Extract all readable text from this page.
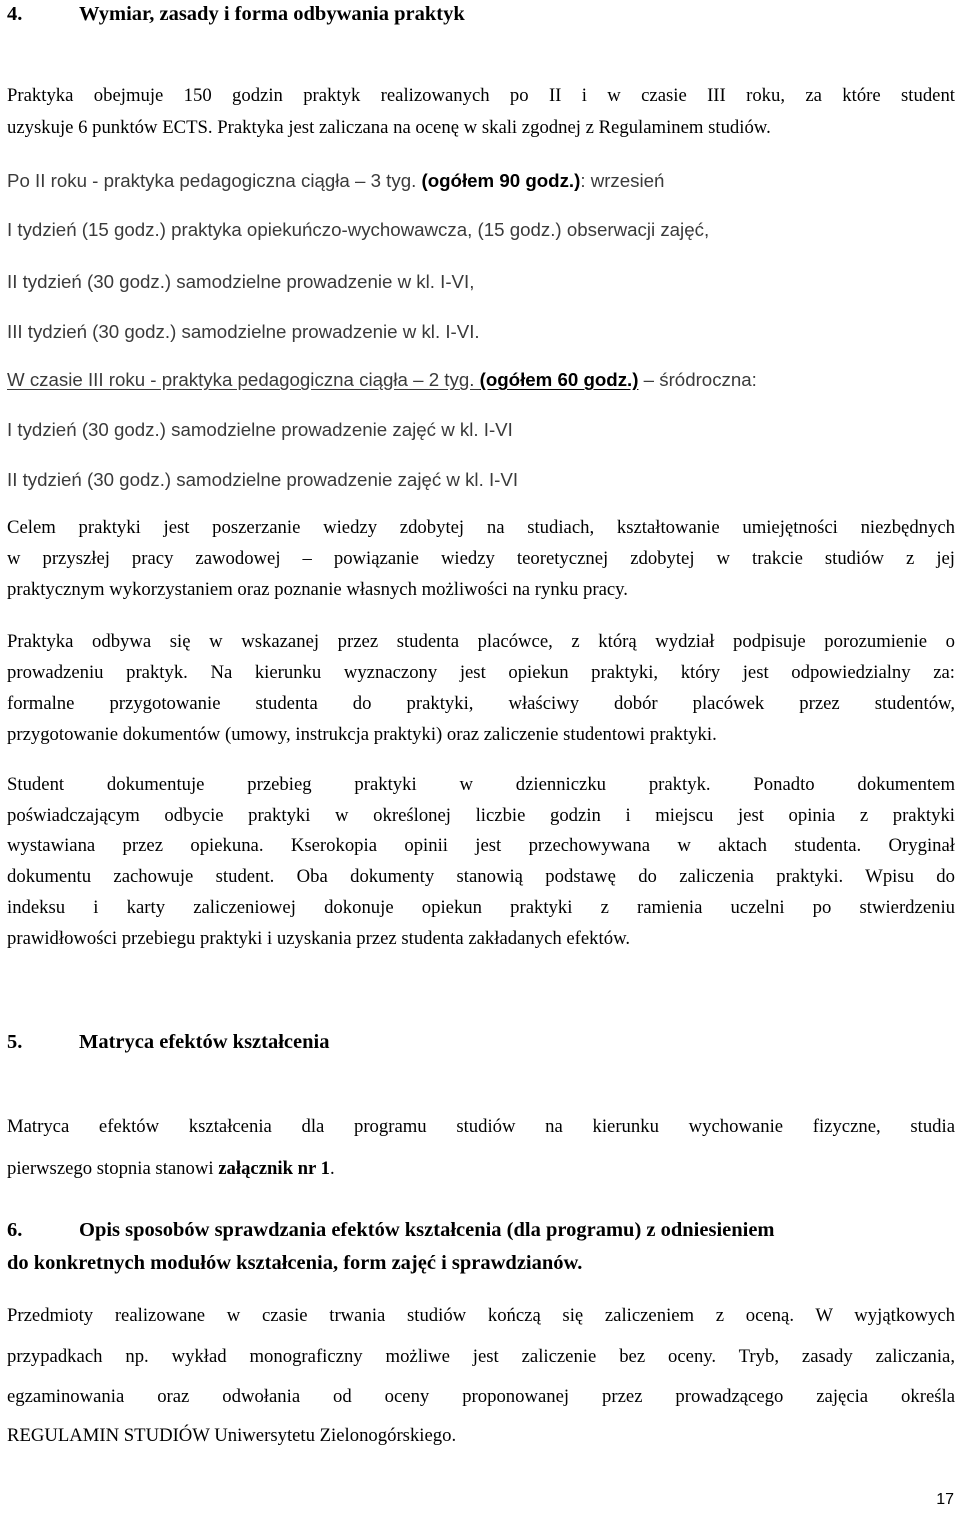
4.	Wymiar, zasady i forma odbywania praktyk
Praktyka obejmuje 150 godzin praktyk realizowanych po II i w czasie III roku, za które student
uzyskuje 6 punktów ECTS. Praktyka jest zaliczana na ocenę w skali zgodnej z Regulaminem studiów.
Po II roku - praktyka pedagogiczna ciągła – 3 tyg. (ogółem 90 godz.): wrzesień
I tydzień (15 godz.) praktyka opiekuńczo-wychowawcza, (15 godz.) obserwacji zajęć,
II tydzień (30 godz.) samodzielne prowadzenie w kl. I-VI,
III tydzień (30 godz.) samodzielne prowadzenie w kl. I-VI.
W czasie III roku - praktyka pedagogiczna ciągła – 2 tyg. (ogółem 60 godz.) – śródroczna:
I tydzień (30 godz.) samodzielne prowadzenie zajęć w kl. I-VI
II tydzień (30 godz.) samodzielne prowadzenie zajęć w kl. I-VI
Celem praktyki jest poszerzanie wiedzy zdobytej na studiach, kształtowanie umiejętności niezbędnych
w przyszłej pracy zawodowej – powiązanie wiedzy teoretycznej zdobytej w trakcie studiów z jej
praktycznym wykorzystaniem oraz poznanie własnych możliwości na rynku pracy.
Praktyka odbywa się w wskazanej przez studenta placówce, z którą wydział podpisuje porozumienie o
prowadzeniu praktyk. Na kierunku wyznaczony jest opiekun praktyki, który jest odpowiedzialny za:
formalne przygotowanie studenta do praktyki, właściwy dobór placówek przez studentów,
przygotowanie dokumentów (umowy, instrukcja praktyki) oraz zaliczenie studentowi praktyki.
Student dokumentuje przebieg praktyki w dzienniczku praktyk. Ponadto dokumentem
poświadczającym odbycie praktyki w określonej liczbie godzin i miejscu jest opinia z praktyki
wystawiana przez opiekuna. Kserokopia opinii jest przechowywana w aktach studenta. Oryginał
dokumentu zachowuje student. Oba dokumenty stanowią podstawę do zaliczenia praktyki. Wpisu do
indeksu i karty zaliczeniowej dokonuje opiekun praktyki z ramienia uczelni po stwierdzeniu
prawidłowości przebiegu praktyki i uzyskania przez studenta zakładanych efektów.
5.	Matryca efektów kształcenia
Matryca efektów kształcenia dla programu studiów na kierunku wychowanie fizyczne, studia
pierwszego stopnia stanowi załącznik nr 1.
6.	Opis sposobów sprawdzania efektów kształcenia (dla programu) z odniesieniem
do konkretnych modułów kształcenia, form zajęć i sprawdzianów.
Przedmioty realizowane w czasie trwania studiów kończą się zaliczeniem z oceną. W wyjątkowych
przypadkach np. wykład monograficzny możliwe jest zaliczenie bez oceny. Tryb, zasady zaliczania,
egzaminowania oraz odwołania od oceny proponowanej przez prowadzącego zajęcia określa
REGULAMIN STUDIÓW Uniwersytetu Zielonogórskiego.
17
